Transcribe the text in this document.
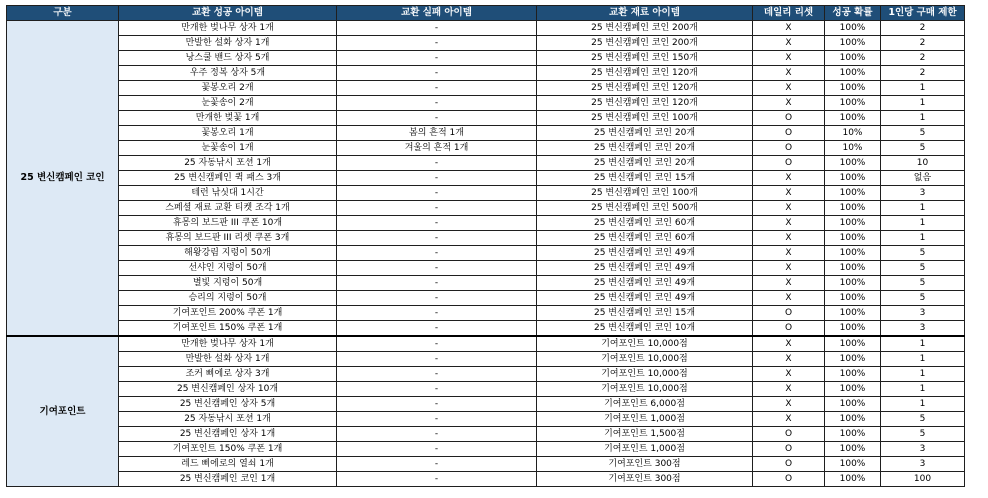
구분	교환 성공 아이템	교환 실패 아이템	교환 재료 아이템	데일리 리셋	성공 확률	1인당 구매 제한
25 변신캠페인 코인	만개한 벚나무 상자 1개	-	25 변신캠페인 코인 200개	X	100%	2
	만발한 설화 상자 1개	-	25 변신캠페인 코인 200개	X	100%	2
	낭스쿨 밴드 상자 5개	-	25 변신캠페인 코인 150개	X	100%	2
	우주 정복 상자 5개	-	25 변신캠페인 코인 120개	X	100%	2
	꽃봉오리 2개	-	25 변신캠페인 코인 120개	X	100%	1
	눈꽃송이 2개	-	25 변신캠페인 코인 120개	X	100%	1
	만개한 벚꽃 1개	-	25 변신캠페인 코인 100개	O	100%	1
	꽃봉오리 1개	봄의 흔적 1개	25 변신캠페인 코인 20개	O	10%	5
	눈꽃송이 1개	겨울의 흔적 1개	25 변신캠페인 코인 20개	O	10%	5
	25 자동낚시 포션 1개	-	25 변신캠페인 코인 20개	O	100%	10
	25 변신캠페인 퀵 패스 3개	-	25 변신캠페인 코인 15개	X	100%	없음
	테런 낚싯대 1시간	-	25 변신캠페인 코인 100개	X	100%	3
	스페셜 재료 교환 티켓 조각 1개	-	25 변신캠페인 코인 500개	X	100%	1
	휴몽의 보드판 III 쿠폰 10개	-	25 변신캠페인 코인 60개	X	100%	1
	휴몽의 보드판 III 리셋 쿠폰 3개	-	25 변신캠페인 코인 60개	X	100%	1
	해왕강림 지렁이 50개	-	25 변신캠페인 코인 49개	X	100%	5
	선샤인 지렁이 50개	-	25 변신캠페인 코인 49개	X	100%	5
	별빛 지렁이 50개	-	25 변신캠페인 코인 49개	X	100%	5
	승리의 지렁이 50개	-	25 변신캠페인 코인 49개	X	100%	5
	기여포인트 200% 쿠폰 1개	-	25 변신캠페인 코인 15개	O	100%	3
	기여포인트 150% 쿠폰 1개	-	25 변신캠페인 코인 10개	O	100%	3
기여포인트	만개한 벚나무 상자 1개	-	기여포인트 10,000점	X	100%	1
	만발한 설화 상자 1개	-	기여포인트 10,000점	X	100%	1
	조커 삐에로 상자 3개	-	기여포인트 10,000점	X	100%	1
	25 변신캠페인 상자 10개	-	기여포인트 10,000점	X	100%	1
	25 변신캠페인 상자 5개	-	기여포인트 6,000점	X	100%	1
	25 자동낚시 포션 1개	-	기여포인트 1,000점	X	100%	5
	25 변신캠페인 상자 1개	-	기여포인트 1,500점	O	100%	5
	기여포인트 150% 쿠폰 1개	-	기여포인트 1,000점	O	100%	3
	레드 삐에로의 열쇠 1개	-	기여포인트 300점	O	100%	3
	25 변신캠페인 코인 1개	-	기여포인트 300점	O	100%	100
